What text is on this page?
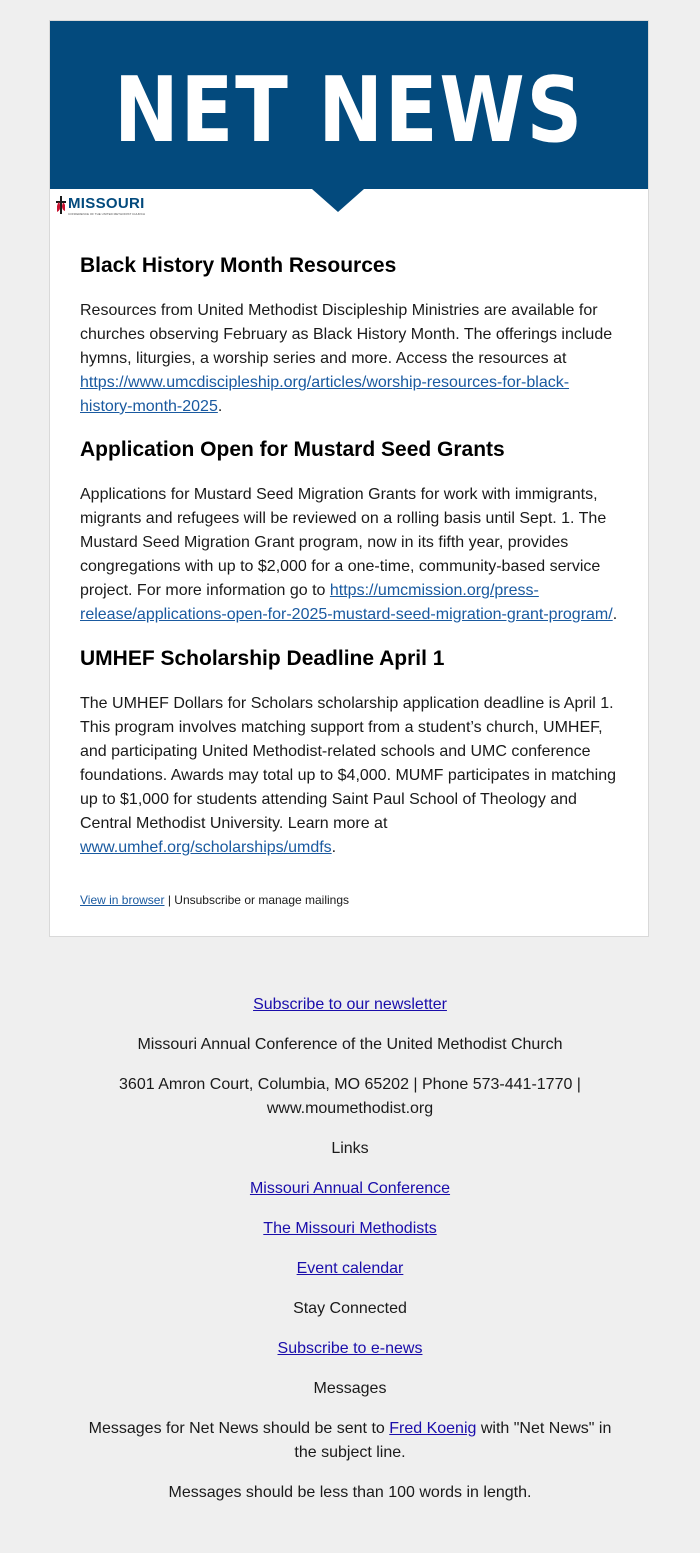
NET NEWS
MISSOURI
CONFERENCE OF THE UNITED METHODIST CHURCH
Black History Month Resources

Resources from United Methodist Discipleship Ministries are available for churches observing February as Black History Month. The offerings include hymns, liturgies, a worship series and more. Access the resources at https://www.umcdiscipleship.org/articles/worship-resources-for-black-history-month-2025.

Application Open for Mustard Seed Grants

Applications for Mustard Seed Migration Grants for work with immigrants, migrants and refugees will be reviewed on a rolling basis until Sept. 1. The Mustard Seed Migration Grant program, now in its fifth year, provides congregations with up to $2,000 for a one-time, community-based service project. For more information go to https://umcmission.org/press-release/applications-open-for-2025-mustard-seed-migration-grant-program/.

UMHEF Scholarship Deadline April 1

The UMHEF Dollars for Scholars scholarship application deadline is April 1. This program involves matching support from a student’s church, UMHEF, and participating United Methodist-related schools and UMC conference foundations. Awards may total up to $4,000. MUMF participates in matching up to $1,000 for students attending Saint Paul School of Theology and Central Methodist University. Learn more at www.umhef.org/scholarships/umdfs.

View in browser | Unsubscribe or manage mailings
Subscribe to our newsletter
Missouri Annual Conference of the United Methodist Church
3601 Amron Court, Columbia, MO 65202 | Phone 573-441-1770 | www.moumethodist.org
Links
Missouri Annual Conference
The Missouri Methodists
Event calendar
Stay Connected
Subscribe to e-news
Messages
Messages for Net News should be sent to Fred Koenig with "Net News" in the subject line.
Messages should be less than 100 words in length.
